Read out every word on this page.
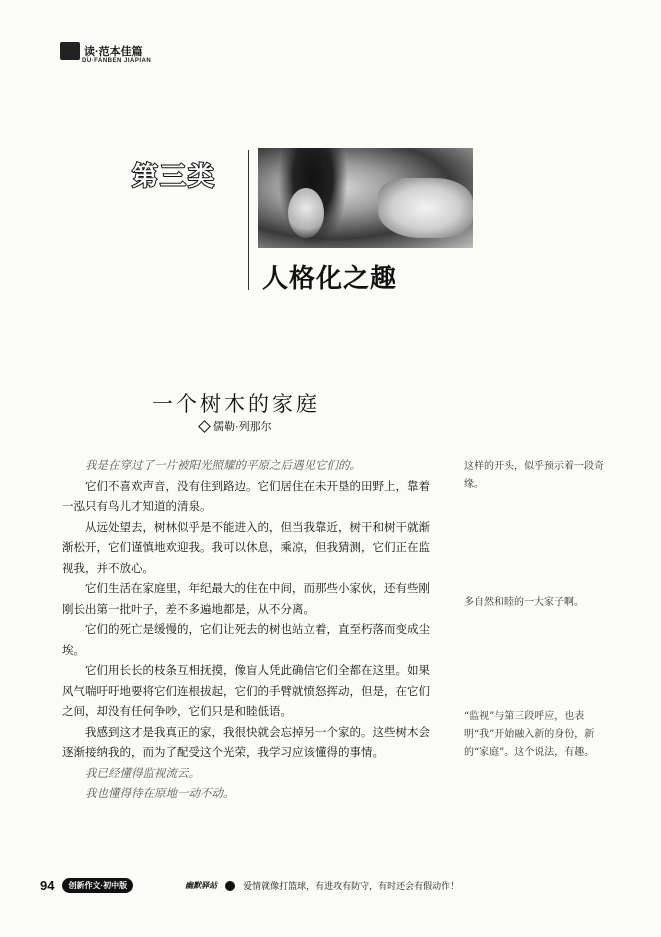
读·范本佳篇
DU·FANBEN JIAPIAN
第三类
人格化之趣
一个树木的家庭
儒勒·列那尔

我是在穿过了一片被阳光照耀的平原之后遇见它们的。

它们不喜欢声音，没有住到路边。它们居住在未开垦的田野上，靠着一泓只有鸟儿才知道的清泉。

从远处望去，树林似乎是不能进入的，但当我靠近，树干和树干就渐渐松开，它们谨慎地欢迎我。我可以休息，乘凉，但我猜测，它们正在监视我，并不放心。

它们生活在家庭里，年纪最大的住在中间，而那些小家伙，还有些刚刚长出第一批叶子，差不多遍地都是，从不分离。

它们的死亡是缓慢的，它们让死去的树也站立着，直至朽落而变成尘埃。

它们用长长的枝条互相抚摸，像盲人凭此确信它们全都在这里。如果风气喘吁吁地要将它们连根拔起，它们的手臂就愤怒挥动，但是，在它们之间，却没有任何争吵，它们只是和睦低语。

我感到这才是我真正的家，我很快就会忘掉另一个家的。这些树木会逐渐接纳我的，而为了配受这个光荣，我学习应该懂得的事情。

我已经懂得监视流云。

我也懂得待在原地一动不动。

这样的开头，似乎预示着一段奇缘。
多自然和睦的一大家子啊。
“监视”与第三段呼应，也表明“我”开始融入新的身份，新的“家庭”。这个说法，有趣。
94	创新作文·初中版	幽默驿站	爱情就像打篮球，有进攻有防守，有时还会有假动作！
